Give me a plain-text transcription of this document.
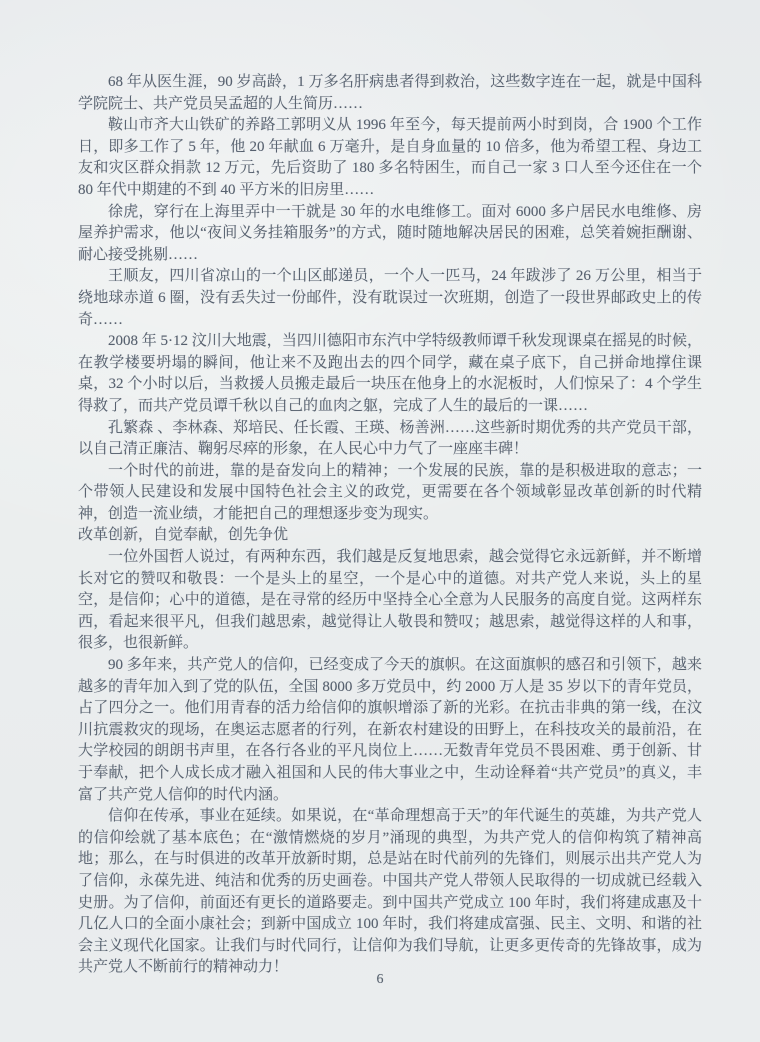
68 年从医生涯，90 岁高龄，1 万多名肝病患者得到救治，这些数字连在一起，就是中国科学院院士、共产党员吴孟超的人生简历……

鞍山市齐大山铁矿的养路工郭明义从 1996 年至今，每天提前两小时到岗，合 1900 个工作日，即多工作了 5 年，他 20 年献血 6 万毫升，是自身血量的 10 倍多，他为希望工程、身边工友和灾区群众捐款 12 万元，先后资助了 180 多名特困生，而自己一家 3 口人至今还住在一个 80 年代中期建的不到 40 平方米的旧房里……

徐虎，穿行在上海里弄中一干就是 30 年的水电维修工。面对 6000 多户居民水电维修、房屋养护需求，他以“夜间义务挂箱服务”的方式，随时随地解决居民的困难，总笑着婉拒酬谢、耐心接受挑剔……

王顺友，四川省凉山的一个山区邮递员，一个人一匹马，24 年跋涉了 26 万公里，相当于绕地球赤道 6 圈，没有丢失过一份邮件，没有耽误过一次班期，创造了一段世界邮政史上的传奇……

2008 年 5·12 汶川大地震，当四川德阳市东汽中学特级教师谭千秋发现课桌在摇晃的时候，在教学楼要坍塌的瞬间，他让来不及跑出去的四个同学，藏在桌子底下，自己拼命地撑住课桌，32 个小时以后，当救援人员搬走最后一块压在他身上的水泥板时，人们惊呆了：4 个学生得救了，而共产党员谭千秋以自己的血肉之躯，完成了人生的最后的一课……

孔繁森 、李林森、郑培民、任长霞、王瑛、杨善洲……这些新时期优秀的共产党员干部，以自己清正廉洁、鞠躬尽瘁的形象，在人民心中力气了一座座丰碑！

一个时代的前进，靠的是奋发向上的精神；一个发展的民族，靠的是积极进取的意志；一个带领人民建设和发展中国特色社会主义的政党，更需要在各个领域彰显改革创新的时代精神，创造一流业绩，才能把自己的理想逐步变为现实。

改革创新，自觉奉献，创先争优

一位外国哲人说过，有两种东西，我们越是反复地思索，越会觉得它永远新鲜，并不断增长对它的赞叹和敬畏：一个是头上的星空，一个是心中的道德。对共产党人来说，头上的星空，是信仰；心中的道德，是在寻常的经历中坚持全心全意为人民服务的高度自觉。这两样东西，看起来很平凡，但我们越思索，越觉得让人敬畏和赞叹；越思索，越觉得这样的人和事，很多，也很新鲜。

90 多年来，共产党人的信仰，已经变成了今天的旗帜。在这面旗帜的感召和引领下，越来越多的青年加入到了党的队伍，全国 8000 多万党员中，约 2000 万人是 35 岁以下的青年党员，占了四分之一。他们用青春的活力给信仰的旗帜增添了新的光彩。在抗击非典的第一线，在汶川抗震救灾的现场，在奥运志愿者的行列，在新农村建设的田野上，在科技攻关的最前沿，在大学校园的朗朗书声里，在各行各业的平凡岗位上……无数青年党员不畏困难、勇于创新、甘于奉献，把个人成长成才融入祖国和人民的伟大事业之中，生动诠释着“共产党员”的真义，丰富了共产党人信仰的时代内涵。

信仰在传承，事业在延续。如果说，在“革命理想高于天”的年代诞生的英雄，为共产党人的信仰绘就了基本底色；在“激情燃烧的岁月”涌现的典型，为共产党人的信仰构筑了精神高地；那么，在与时俱进的改革开放新时期，总是站在时代前列的先锋们，则展示出共产党人为了信仰，永葆先进、纯洁和优秀的历史画卷。中国共产党人带领人民取得的一切成就已经载入史册。为了信仰，前面还有更长的道路要走。到中国共产党成立 100 年时，我们将建成惠及十几亿人口的全面小康社会；到新中国成立 100 年时，我们将建成富强、民主、文明、和谐的社会主义现代化国家。让我们与时代同行，让信仰为我们导航，让更多更传奇的先锋故事，成为共产党人不断前行的精神动力！

6
